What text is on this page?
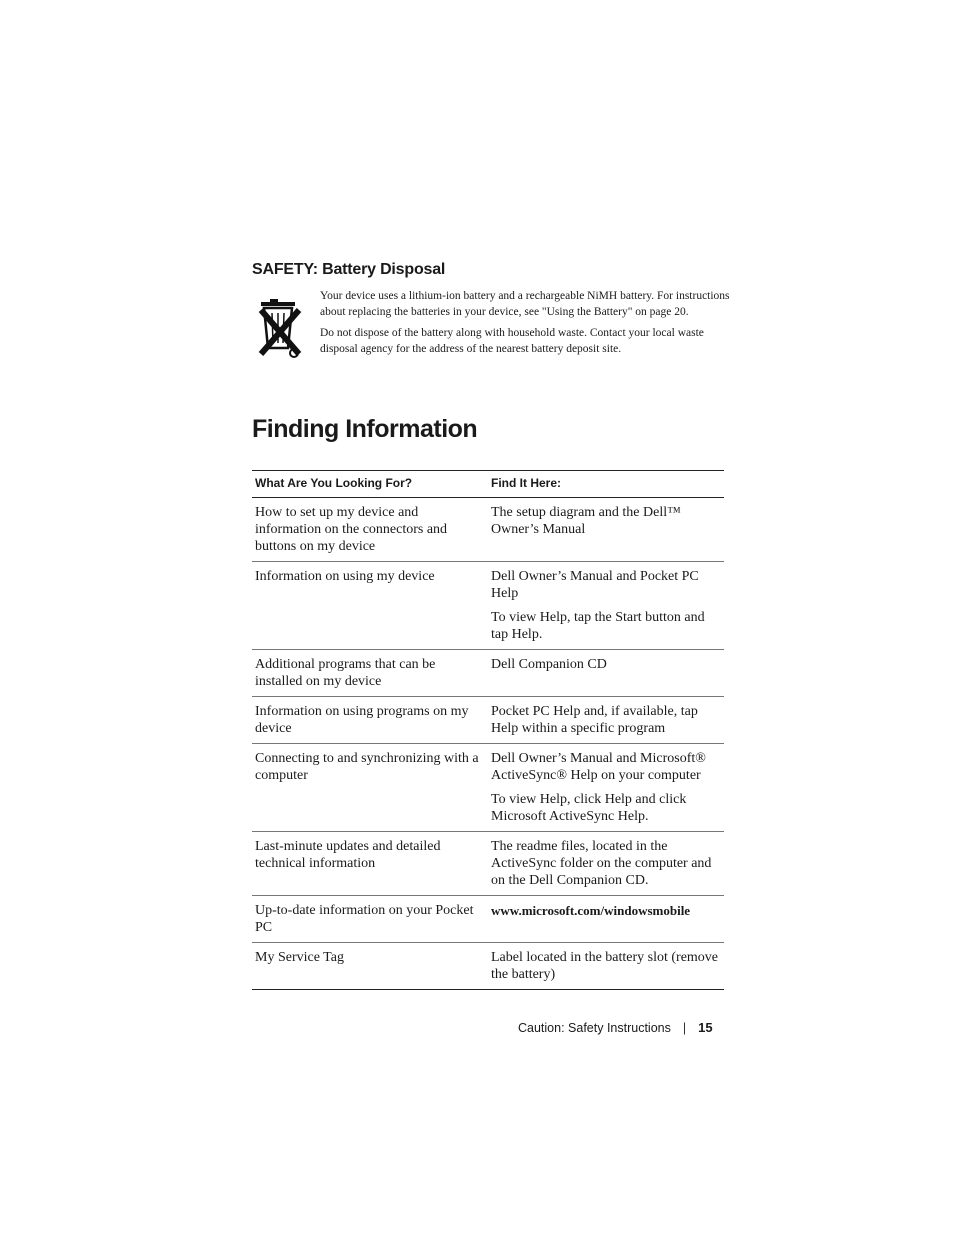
SAFETY: Battery Disposal

Your device uses a lithium-ion battery and a rechargeable NiMH battery. For instructions about replacing the batteries in your device, see "Using the Battery" on page 20.

Do not dispose of the battery along with household waste. Contact your local waste disposal agency for the address of the nearest battery deposit site.

Finding Information
What Are You Looking For?	Find It Here:
How to set up my device and information on the connectors and buttons on my device	The setup diagram and the Dell™ Owner’s Manual

Information on using my device	Dell Owner’s Manual and Pocket PC Help

To view Help, tap the Start button and tap Help.

Additional programs that can be installed on my device	Dell Companion CD

Information on using programs on my device	Pocket PC Help and, if available, tap Help within a specific program

Connecting to and synchronizing with a computer	Dell Owner’s Manual and Microsoft® ActiveSync® Help on your computer

To view Help, click Help and click Microsoft ActiveSync Help.

Last-minute updates and detailed technical information	The readme files, located in the ActiveSync folder on the computer and on the Dell Companion CD.

Up-to-date information on your Pocket PC	www.microsoft.com/windowsmobile

My Service Tag	Label located in the battery slot (remove the battery)

Caution: Safety Instructions | 15
